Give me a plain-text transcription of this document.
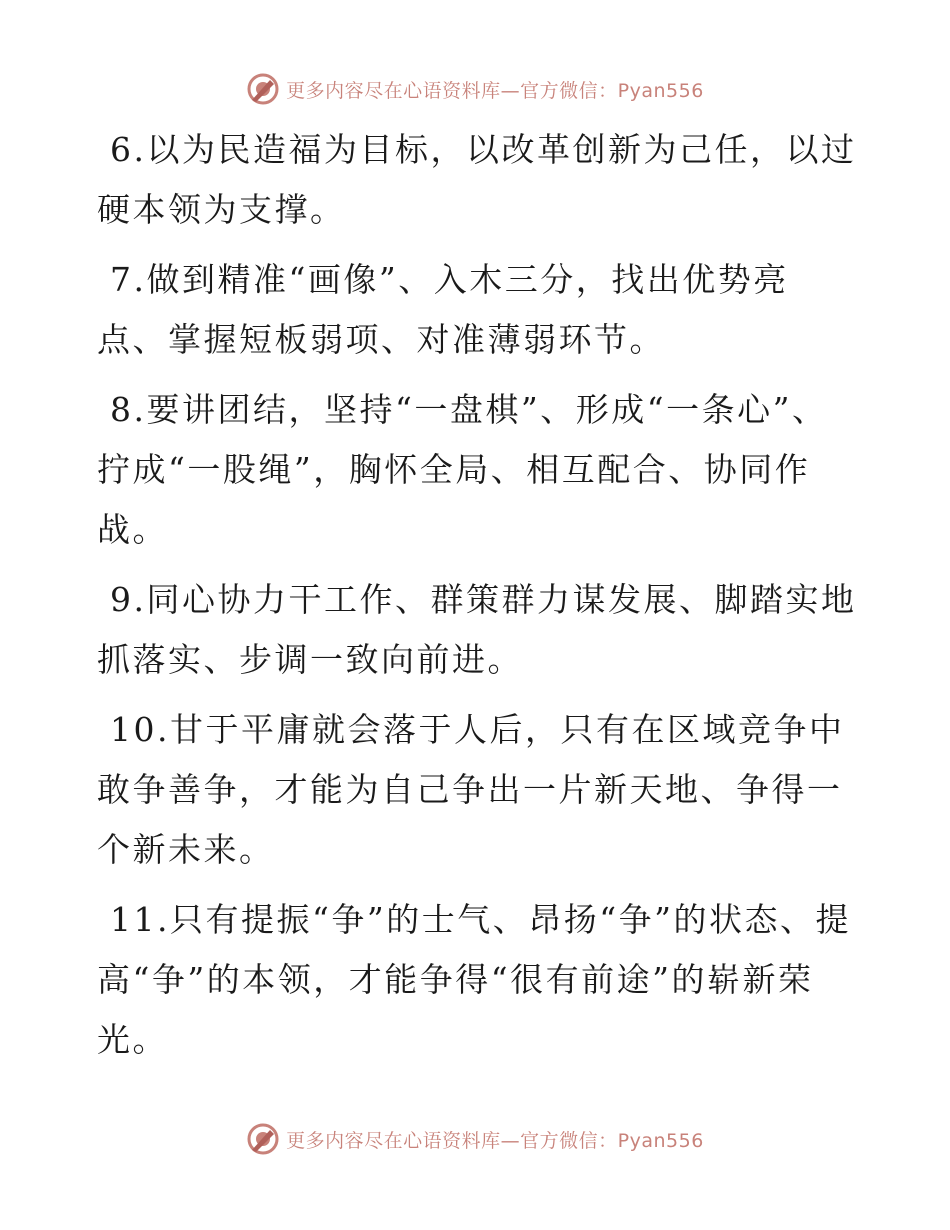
更多内容尽在心语资料库—官方微信：Pyan556

6.以为民造福为目标，以改革创新为己任，以过硬本领为支撑。

7.做到精准“画像”、入木三分，找出优势亮点、掌握短板弱项、对准薄弱环节。

8.要讲团结，坚持“一盘棋”、形成“一条心”、拧成“一股绳”，胸怀全局、相互配合、协同作战。

9.同心协力干工作、群策群力谋发展、脚踏实地抓落实、步调一致向前进。

10.甘于平庸就会落于人后，只有在区域竞争中敢争善争，才能为自己争出一片新天地、争得一个新未来。

11.只有提振“争”的士气、昂扬“争”的状态、提高“争”的本领，才能争得“很有前途”的崭新荣光。

更多内容尽在心语资料库—官方微信：Pyan556
